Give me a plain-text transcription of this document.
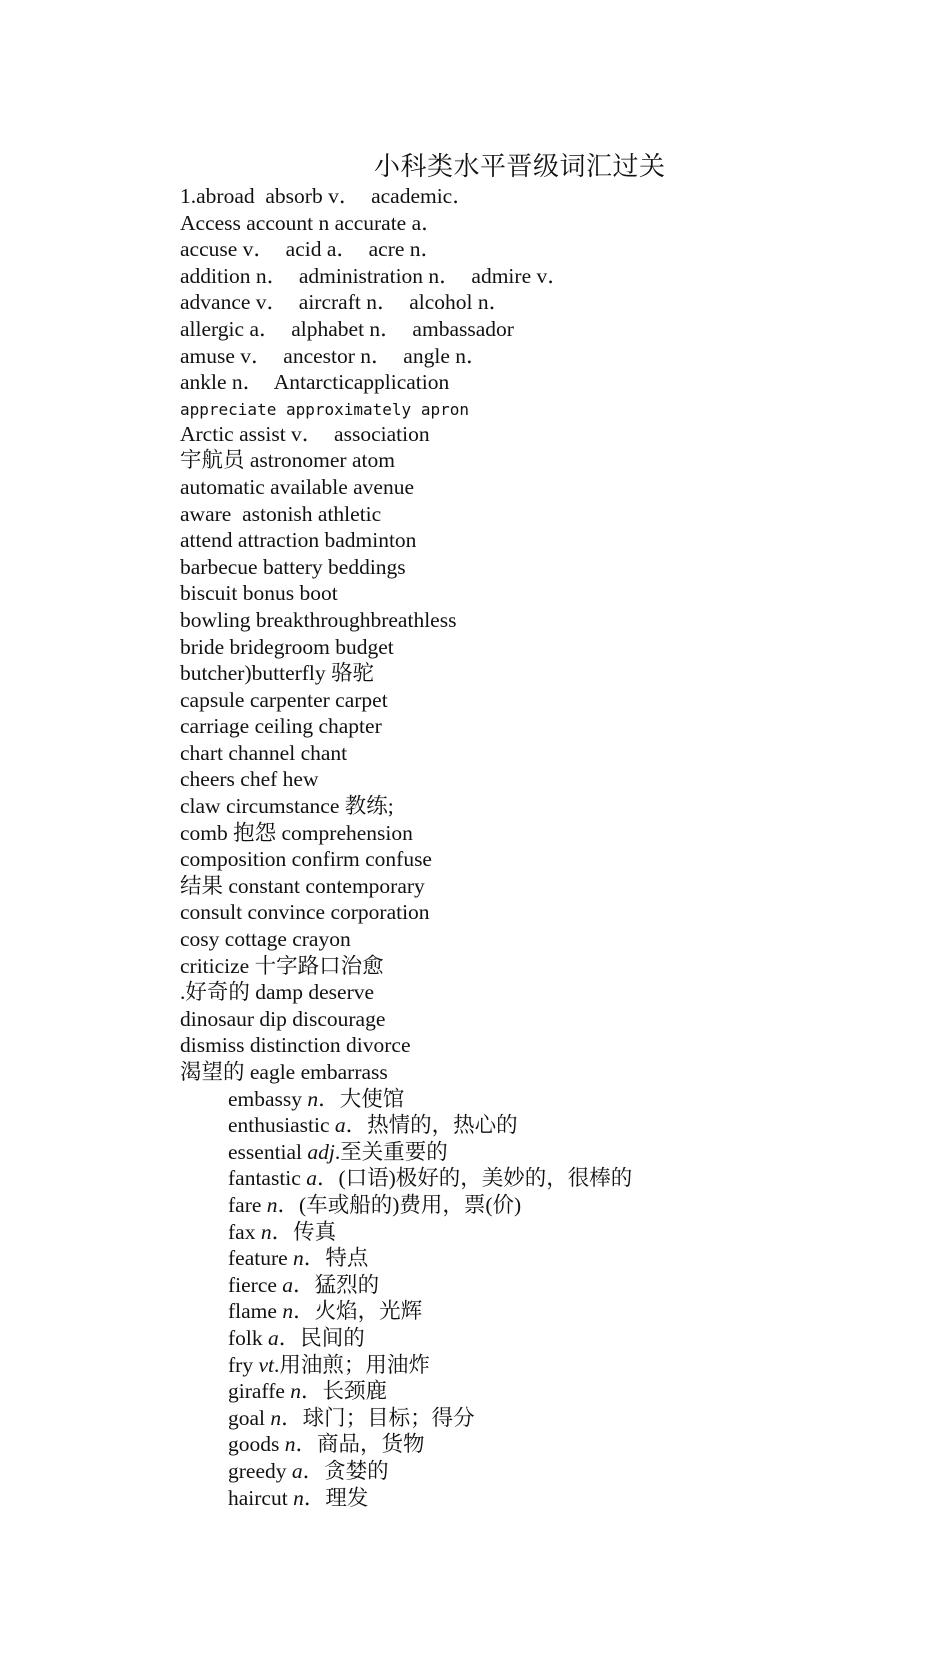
小科类水平晋级词汇过关
1.abroad  absorb v．  academic．
Access account n accurate a．
accuse v．  acid a．  acre n．
addition n．  administration n．  admire v．
advance v．  aircraft n．  alcohol n．
allergic a．  alphabet n．  ambassador
amuse v．  ancestor n．  angle n．
ankle n．  Antarcticapplication
appreciate approximately apron
Arctic assist v．  association
宇航员 astronomer atom
automatic available avenue
aware  astonish athletic
attend attraction badminton
barbecue battery beddings
biscuit bonus boot
bowling breakthroughbreathless
bride bridegroom budget
butcher)butterfly 骆驼
capsule carpenter carpet
carriage ceiling chapter
chart channel chant
cheers chef hew
claw circumstance 教练;
comb 抱怨 comprehension
composition confirm confuse
结果 constant contemporary
consult convince corporation
cosy cottage crayon
criticize 十字路口治愈
.好奇的 damp deserve
dinosaur dip discourage
dismiss distinction divorce
渴望的 eagle embarrass
embassy n．大使馆
enthusiastic a．热情的，热心的
essential adj.至关重要的
fantastic a．(口语)极好的，美妙的，很棒的
fare n．(车或船的)费用，票(价)
fax n．传真
feature n．特点
fierce a．猛烈的
flame n．火焰，光辉
folk a．民间的
fry vt.用油煎；用油炸
giraffe n．长颈鹿
goal n．球门；目标；得分
goods n．商品，货物
greedy a．贪婪的
haircut n．理发
